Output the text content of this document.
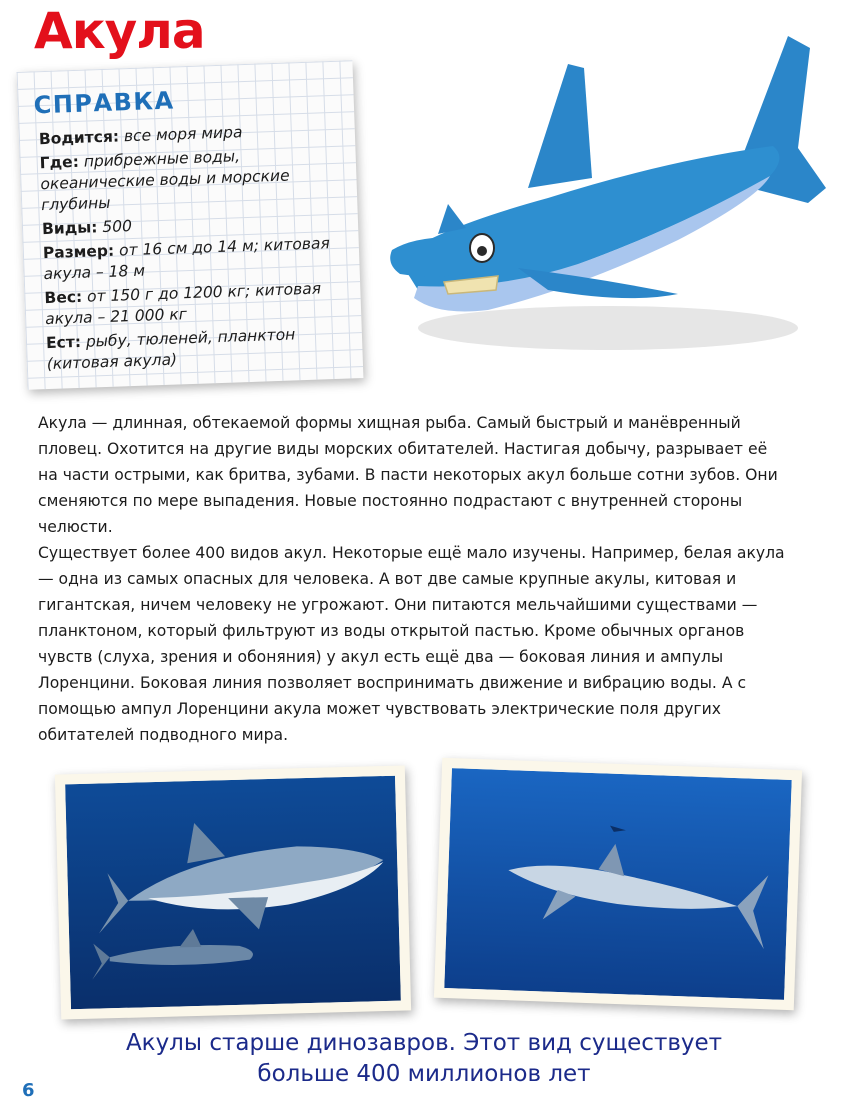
Акула
СПРАВКА
Водится: все моря мира
Где: прибрежные воды, океанические воды и морские глубины
Виды: 500
Размер: от 16 см до 14 м; китовая акула – 18 м
Вес: от 150 г до 1200 кг; китовая акула – 21 000 кг
Ест: рыбу, тюленей, планктон (китовая акула)

Акула — длинная, обтекаемой формы хищная рыба. Самый быстрый и манёвренный пловец. Охотится на другие виды морских обитателей. Настигая добычу, разрывает её на части острыми, как бритва, зубами. В пасти некоторых акул больше сотни зубов. Они сменяются по мере выпадения. Новые постоянно подрастают с внутренней стороны челюсти.

Существует более 400 видов акул. Некоторые ещё мало изучены. Например, белая акула — одна из самых опасных для человека. А вот две самые крупные акулы, китовая и гигантская, ничем человеку не угрожают. Они питаются мельчайшими существами — планктоном, который фильтруют из воды открытой пастью. Кроме обычных органов чувств (слуха, зрения и обоняния) у акул есть ещё два — боковая линия и ампулы Лоренцини. Боковая линия позволяет воспринимать движение и вибрацию воды. А с помощью ампул Лоренцини акула может чувствовать электрические поля других обитателей подводного мира.

Акулы старше динозавров. Этот вид существует
больше 400 миллионов лет
6
